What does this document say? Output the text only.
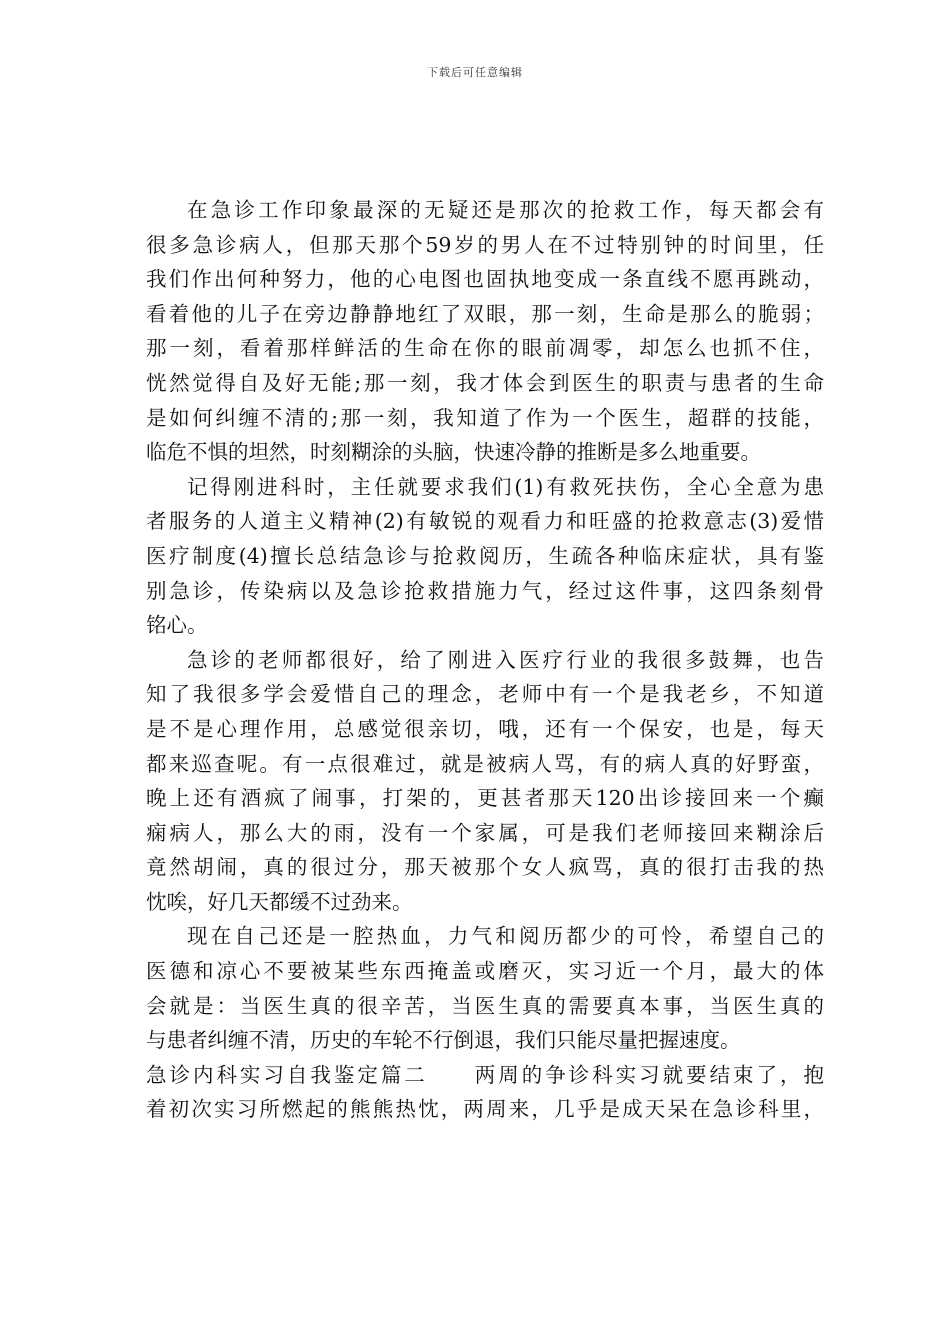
下载后可任意编辑
在急诊工作印象最深的无疑还是那次的抢救工作，每天都会有
很多急诊病人，但那天那个59岁的男人在不过特别钟的时间里，任
我们作出何种努力，他的心电图也固执地变成一条直线不愿再跳动，
看着他的儿子在旁边静静地红了双眼，那一刻，生命是那么的脆弱；
那一刻，看着那样鲜活的生命在你的眼前凋零，却怎么也抓不住，
恍然觉得自及好无能;那一刻，我才体会到医生的职责与患者的生命
是如何纠缠不清的;那一刻，我知道了作为一个医生，超群的技能，
临危不惧的坦然，时刻糊涂的头脑，快速冷静的推断是多么地重要。
记得刚进科时，主任就要求我们(1)有救死扶伤，全心全意为患
者服务的人道主义精神(2)有敏锐的观看力和旺盛的抢救意志(3)爱惜
医疗制度(4)擅长总结急诊与抢救阅历，生疏各种临床症状，具有鉴
别急诊，传染病以及急诊抢救措施力气，经过这件事，这四条刻骨
铭心。
急诊的老师都很好，给了刚进入医疗行业的我很多鼓舞，也告
知了我很多学会爱惜自己的理念，老师中有一个是我老乡，不知道
是不是心理作用，总感觉很亲切，哦，还有一个保安，也是，每天
都来巡查呢。有一点很难过，就是被病人骂，有的病人真的好野蛮，
晚上还有酒疯了闹事，打架的，更甚者那天120出诊接回来一个癫
痫病人，那么大的雨，没有一个家属，可是我们老师接回来糊涂后
竟然胡闹，真的很过分，那天被那个女人疯骂，真的很打击我的热
忱唉，好几天都缓不过劲来。
现在自己还是一腔热血，力气和阅历都少的可怜，希望自己的
医德和凉心不要被某些东西掩盖或磨灭，实习近一个月，最大的体
会就是：当医生真的很辛苦，当医生真的需要真本事，当医生真的
与患者纠缠不清，历史的车轮不行倒退，我们只能尽量把握速度。
急诊内科实习自我鉴定篇二　　两周的争诊科实习就要结束了，抱
着初次实习所燃起的熊熊热忱，两周来，几乎是成天呆在急诊科里，
